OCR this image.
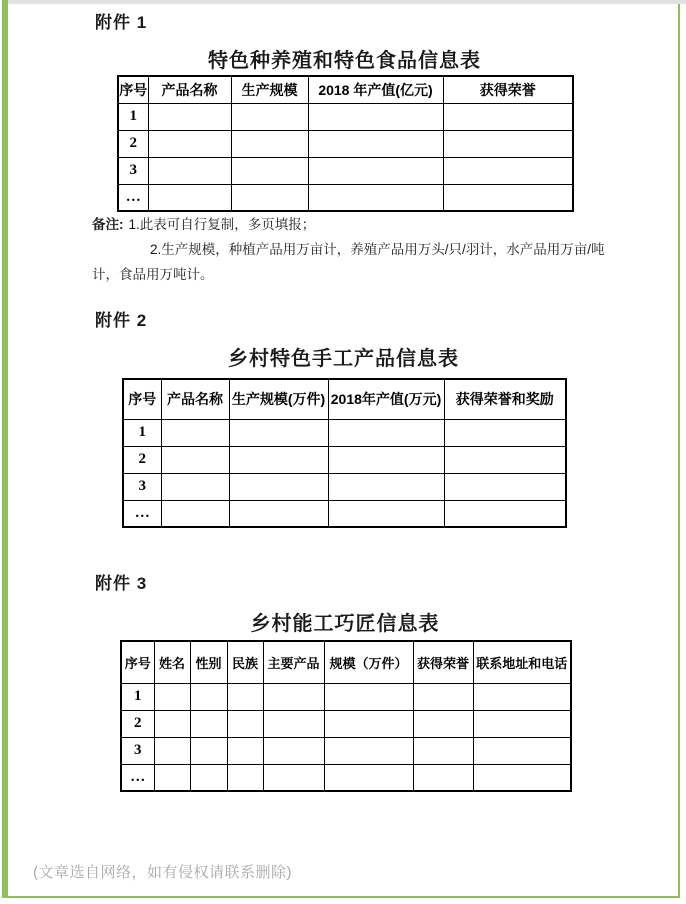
附件 1
特色种养殖和特色食品信息表
序号	产品名称	生产规模	2018 年产值(亿元)	获得荣誉
1				
2				
3				
…				
备注: 1.此表可自行复制，多页填报；
2.生产规模，种植产品用万亩计，养殖产品用万头/只/羽计，水产品用万亩/吨
计，食品用万吨计。
附件 2
乡村特色手工产品信息表
序号	产品名称	生产规模(万件)	2018年产值(万元)	获得荣誉和奖励
1				
2				
3				
…				
附件 3
乡村能工巧匠信息表
序号	姓名	性别	民族	主要产品	规模（万件）	获得荣誉	联系地址和电话
1							
2							
3							
…							
(文章选自网络，如有侵权请联系删除)
